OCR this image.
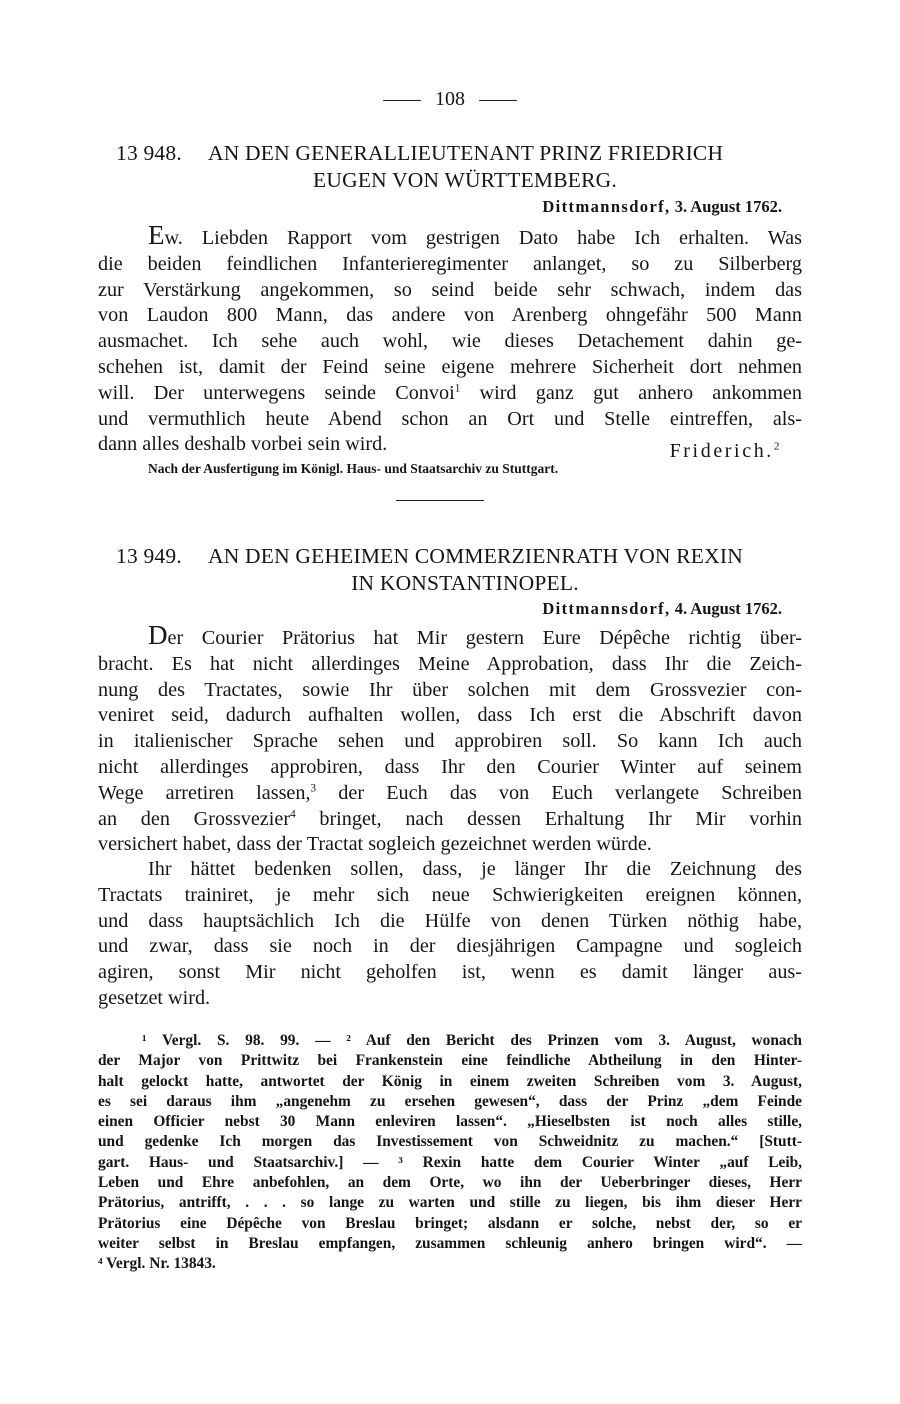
108
13 948.	AN DEN GENERALLIEUTENANT PRINZ FRIEDRICH
EUGEN VON WÜRTTEMBERG.
Dittmannsdorf, 3. August 1762.
Ew. Liebden Rapport vom gestrigen Dato habe Ich erhalten. Was
die beiden feindlichen Infanterieregimenter anlanget, so zu Silberberg
zur Verstärkung angekommen, so seind beide sehr schwach, indem das
von Laudon 800 Mann, das andere von Arenberg ohngefähr 500 Mann
ausmachet. Ich sehe auch wohl, wie dieses Detachement dahin ge-
schehen ist, damit der Feind seine eigene mehrere Sicherheit dort nehmen
will. Der unterwegens seinde Convoi$^1$ wird ganz gut anhero ankommen
und vermuthlich heute Abend schon an Ort und Stelle eintreffen, als-
dann alles deshalb vorbei sein wird.	Friderich.$^2$
Nach der Ausfertigung im Königl. Haus- und Staatsarchiv zu Stuttgart.
13 949.	AN DEN GEHEIMEN COMMERZIENRATH VON REXIN
IN KONSTANTINOPEL.
Dittmannsdorf, 4. August 1762.
Der Courier Prätorius hat Mir gestern Eure Dépêche richtig über-
bracht. Es hat nicht allerdinges Meine Approbation, dass Ihr die Zeich-
nung des Tractates, sowie Ihr über solchen mit dem Grossvezier con-
veniret seid, dadurch aufhalten wollen, dass Ich erst die Abschrift davon
in italienischer Sprache sehen und approbiren soll. So kann Ich auch
nicht allerdinges approbiren, dass Ihr den Courier Winter auf seinem
Wege arretiren lassen,$^3$ der Euch das von Euch verlangete Schreiben
an den Grossvezier$^4$ bringet, nach dessen Erhaltung Ihr Mir vorhin
versichert habet, dass der Tractat sogleich gezeichnet werden würde.
Ihr hättet bedenken sollen, dass, je länger Ihr die Zeichnung des
Tractats trainiret, je mehr sich neue Schwierigkeiten ereignen können,
und dass hauptsächlich Ich die Hülfe von denen Türken nöthig habe,
und zwar, dass sie noch in der diesjährigen Campagne und sogleich
agiren, sonst Mir nicht geholfen ist, wenn es damit länger aus-
gesetzet wird.
¹ Vergl. S. 98. 99. — ² Auf den Bericht des Prinzen vom 3. August, wonach
der Major von Prittwitz bei Frankenstein eine feindliche Abtheilung in den Hinter-
halt gelockt hatte, antwortet der König in einem zweiten Schreiben vom 3. August,
es sei daraus ihm „angenehm zu ersehen gewesen“, dass der Prinz „dem Feinde
einen Officier nebst 30 Mann enleviren lassen“. „Hieselbsten ist noch alles stille,
und gedenke Ich morgen das Investissement von Schweidnitz zu machen.“ [Stutt-
gart. Haus- und Staatsarchiv.] — ³ Rexin hatte dem Courier Winter „auf Leib,
Leben und Ehre anbefohlen, an dem Orte, wo ihn der Ueberbringer dieses, Herr
Prätorius, antrifft, . . . so lange zu warten und stille zu liegen, bis ihm dieser Herr
Prätorius eine Dépêche von Breslau bringet; alsdann er solche, nebst der, so er
weiter selbst in Breslau empfangen, zusammen schleunig anhero bringen wird“. —
⁴ Vergl. Nr. 13843.
